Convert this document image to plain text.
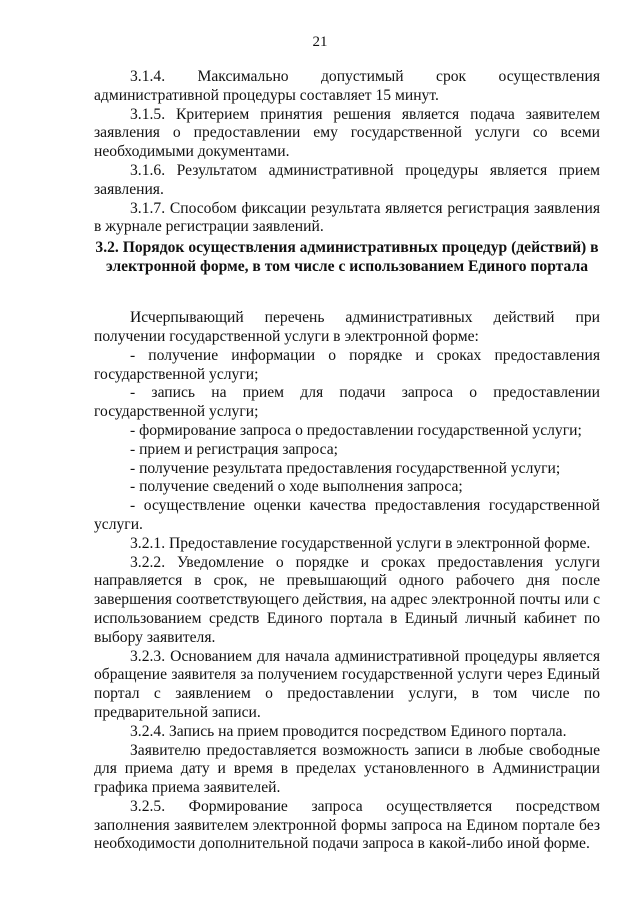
21

3.1.4. Максимально допустимый срок осуществления административной процедуры составляет 15 минут.

3.1.5. Критерием принятия решения является подача заявителем заявления о предоставлении ему государственной услуги со всеми необходимыми документами.

3.1.6. Результатом административной процедуры является прием заявления.

3.1.7. Способом фиксации результата является регистрация заявления в журнале регистрации заявлений.

3.2. Порядок осуществления административных процедур (действий) в электронной форме, в том числе с использованием Единого портала

Исчерпывающий перечень административных действий при получении государственной услуги в электронной форме:

- получение информации о порядке и сроках предоставления государственной услуги;

- запись на прием для подачи запроса о предоставлении государственной услуги;

- формирование запроса о предоставлении государственной услуги;

- прием и регистрация запроса;

- получение результата предоставления государственной услуги;

- получение сведений о ходе выполнения запроса;

- осуществление оценки качества предоставления государственной услуги.

3.2.1. Предоставление государственной услуги в электронной форме.

3.2.2. Уведомление о порядке и сроках предоставления услуги направляется в срок, не превышающий одного рабочего дня после завершения соответствующего действия, на адрес электронной почты или с использованием средств Единого портала в Единый личный кабинет по выбору заявителя.

3.2.3. Основанием для начала административной процедуры является обращение заявителя за получением государственной услуги через Единый портал с заявлением о предоставлении услуги, в том числе по предварительной записи.

3.2.4. Запись на прием проводится посредством Единого портала.

Заявителю предоставляется возможность записи в любые свободные для приема дату и время в пределах установленного в Администрации графика приема заявителей.

3.2.5. Формирование запроса осуществляется посредством заполнения заявителем электронной формы запроса на Едином портале без необходимости дополнительной подачи запроса в какой-либо иной форме.
